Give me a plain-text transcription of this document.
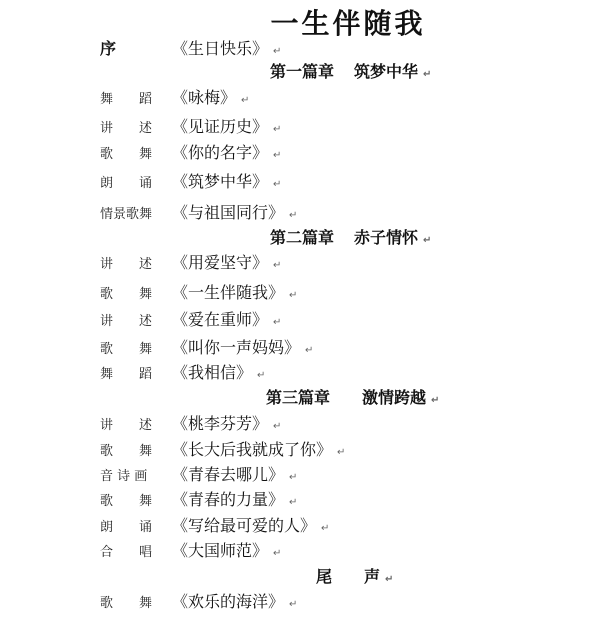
一生伴随我
序	《生日快乐》 ↵
第一篇章 筑梦中华 ↵
舞　　蹈 《咏梅》 ↵
讲　　述 《见证历史》 ↵
歌　　舞 《你的名字》 ↵
朗　　诵 《筑梦中华》 ↵
情景歌舞 《与祖国同行》 ↵
第二篇章 赤子情怀 ↵
讲　　述 《用爱坚守》 ↵
歌　　舞 《一生伴随我》 ↵
讲　　述 《爱在重师》 ↵
歌　　舞 《叫你一声妈妈》 ↵
舞　　蹈 《我相信》 ↵
第三篇章 激情跨越 ↵
讲　　述 《桃李芬芳》 ↵
歌　　舞 《长大后我就成了你》 ↵
音 诗 画 《青春去哪儿》 ↵
歌　　舞 《青春的力量》 ↵
朗　　诵 《写给最可爱的人》 ↵
合　　唱 《大国师范》 ↵
尾　　声 ↵
歌　　舞 《欢乐的海洋》 ↵
